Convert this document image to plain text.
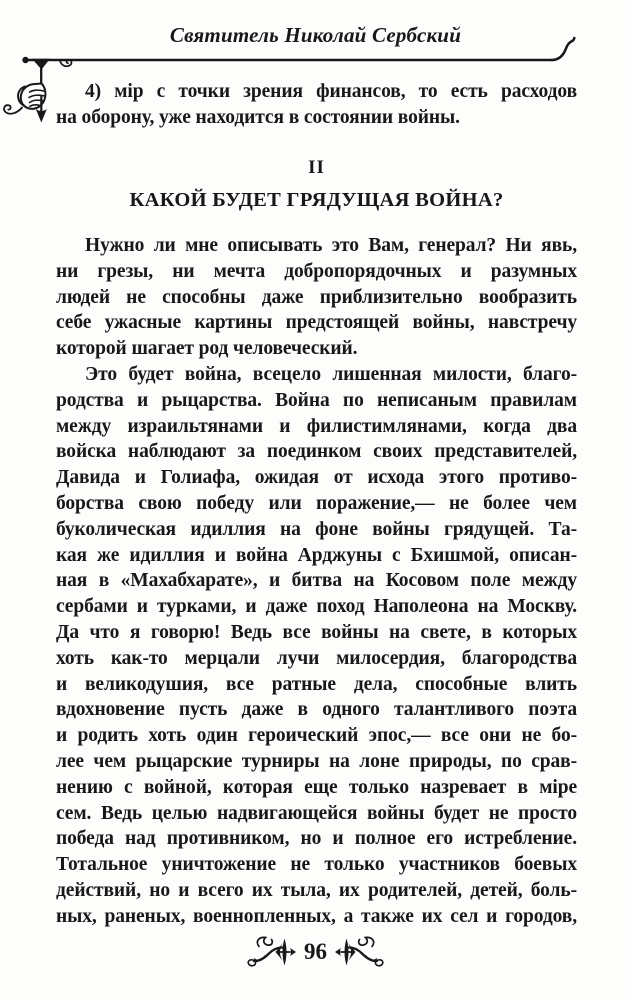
Святитель Николай Сербский
4) мір с точки зрения финансов, то есть расходов
на оборону, уже находится в состоянии войны.
II
КАКОЙ БУДЕТ ГРЯДУЩАЯ ВОЙНА?
Нужно ли мне описывать это Вам, генерал? Ни явь,
ни грезы, ни мечта добропорядочных и разумных
людей не способны даже приблизительно вообразить
себе ужасные картины предстоящей войны, навстречу
которой шагает род человеческий.
Это будет война, всецело лишенная милости, благо-
родства и рыцарства. Война по неписаным правилам
между израильтянами и филистимлянами, когда два
войска наблюдают за поединком своих представителей,
Давида и Голиафа, ожидая от исхода этого противо-
борства свою победу или поражение,— не более чем
буколическая идиллия на фоне войны грядущей. Та-
кая же идиллия и война Арджуны с Бхишмой, описан-
ная в «Махабхарате», и битва на Косовом поле между
сербами и турками, и даже поход Наполеона на Москву.
Да что я говорю! Ведь все войны на свете, в которых
хоть как-то мерцали лучи милосердия, благородства
и великодушия, все ратные дела, способные влить
вдохновение пусть даже в одного талантливого поэта
и родить хоть один героический эпос,— все они не бо-
лее чем рыцарские турниры на лоне природы, по срав-
нению с войной, которая еще только назревает в міре
сем. Ведь целью надвигающейся войны будет не просто
победа над противником, но и полное его истребление.
Тотальное уничтожение не только участников боевых
действий, но и всего их тыла, их родителей, детей, боль-
ных, раненых, военнопленных, а также их сел и городов,
96
